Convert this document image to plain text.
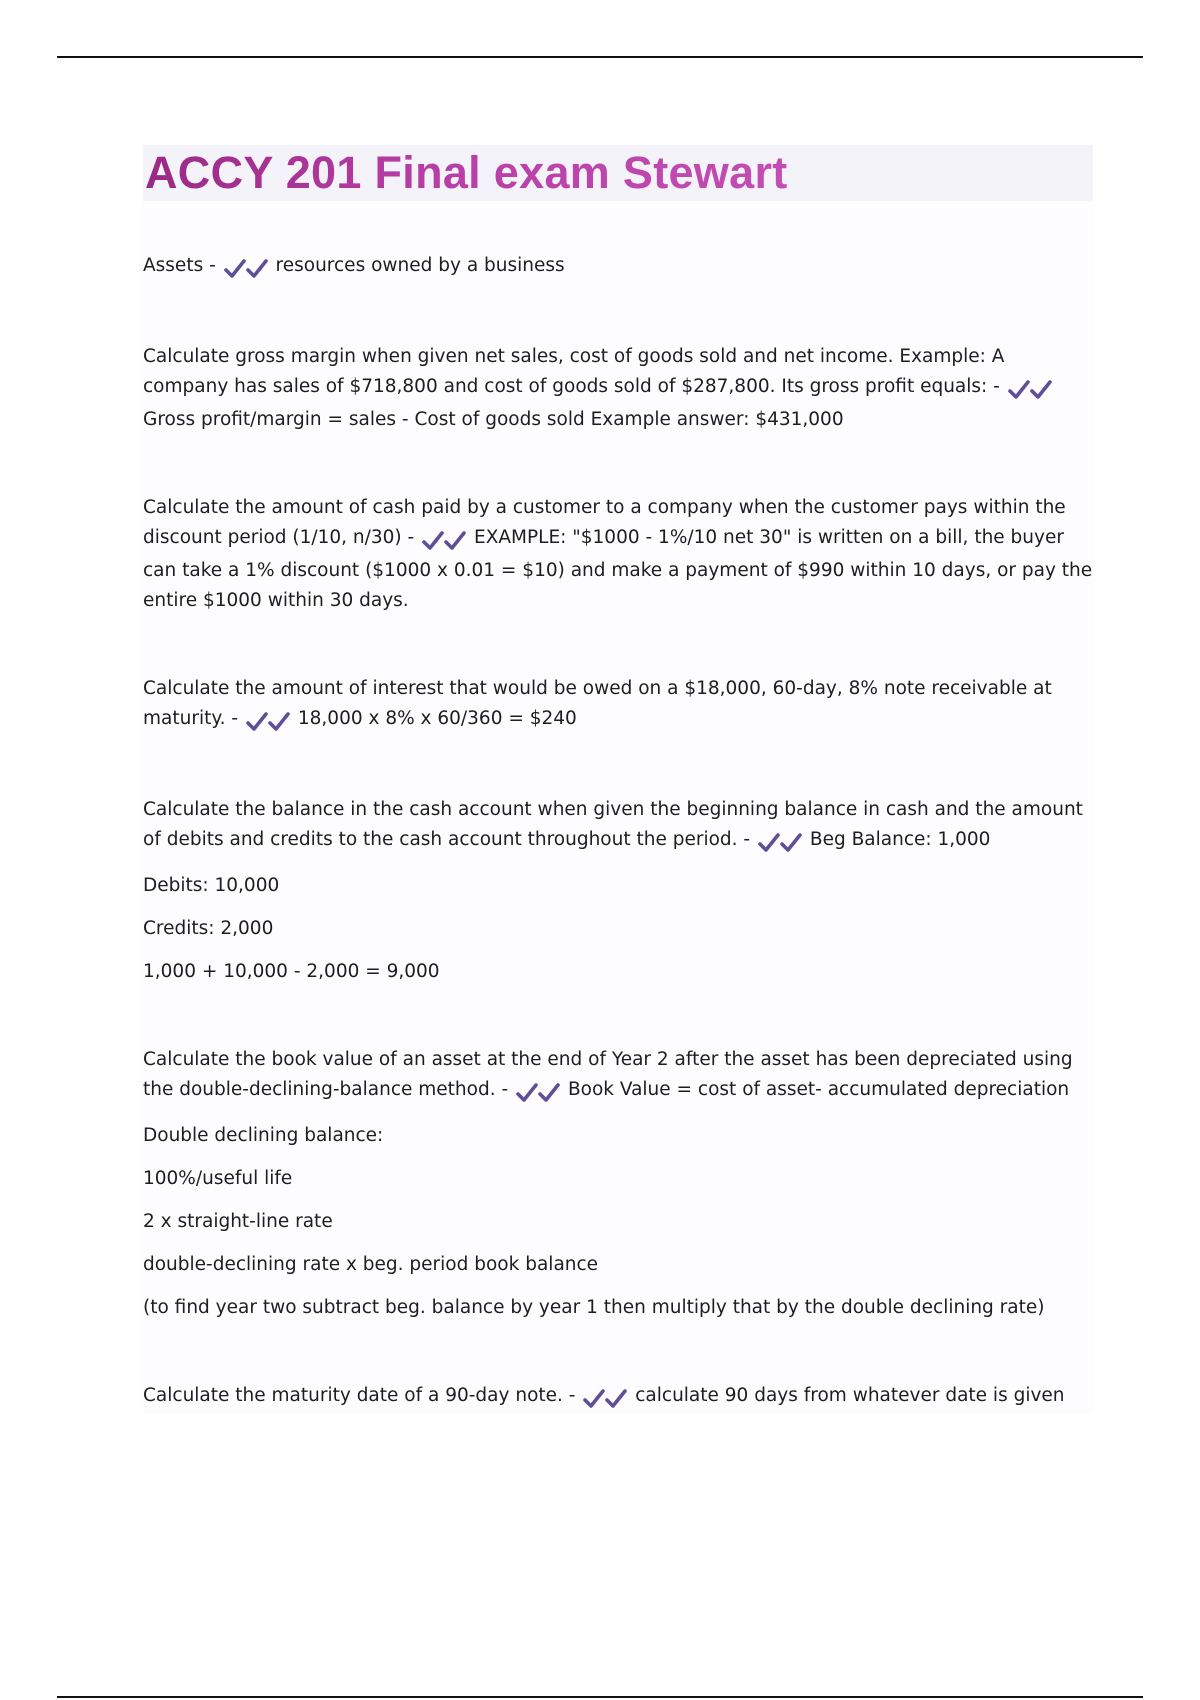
ACCY 201 Final exam Stewart

Assets -	resources owned by a business

Calculate gross margin when given net sales, cost of goods sold and net income. Example: A company has sales of $718,800 and cost of goods sold of $287,800. Its gross profit equals: -  Gross profit/margin = sales - Cost of goods sold Example answer: $431,000

Calculate the amount of cash paid by a customer to a company when the customer pays within the discount period (1/10, n/30) -	EXAMPLE: "$1000 - 1%/10 net 30" is written on a bill, the buyer can take a 1% discount ($1000 x 0.01 = $10) and make a payment of $990 within 10 days, or pay the entire $1000 within 30 days.

Calculate the amount of interest that would be owed on a $18,000, 60-day, 8% note receivable at maturity. -	18,000 x 8% x 60/360 = $240

Calculate the balance in the cash account when given the beginning balance in cash and the amount of debits and credits to the cash account throughout the period. -	Beg Balance: 1,000

Debits: 10,000

Credits: 2,000

1,000 + 10,000 - 2,000 = 9,000

Calculate the book value of an asset at the end of Year 2 after the asset has been depreciated using the double-declining-balance method. -	Book Value = cost of asset- accumulated depreciation

Double declining balance:

100%/useful life

2 x straight-line rate

double-declining rate x beg. period book balance

(to find year two subtract beg. balance by year 1 then multiply that by the double declining rate)

Calculate the maturity date of a 90-day note. -	calculate 90 days from whatever date is given
